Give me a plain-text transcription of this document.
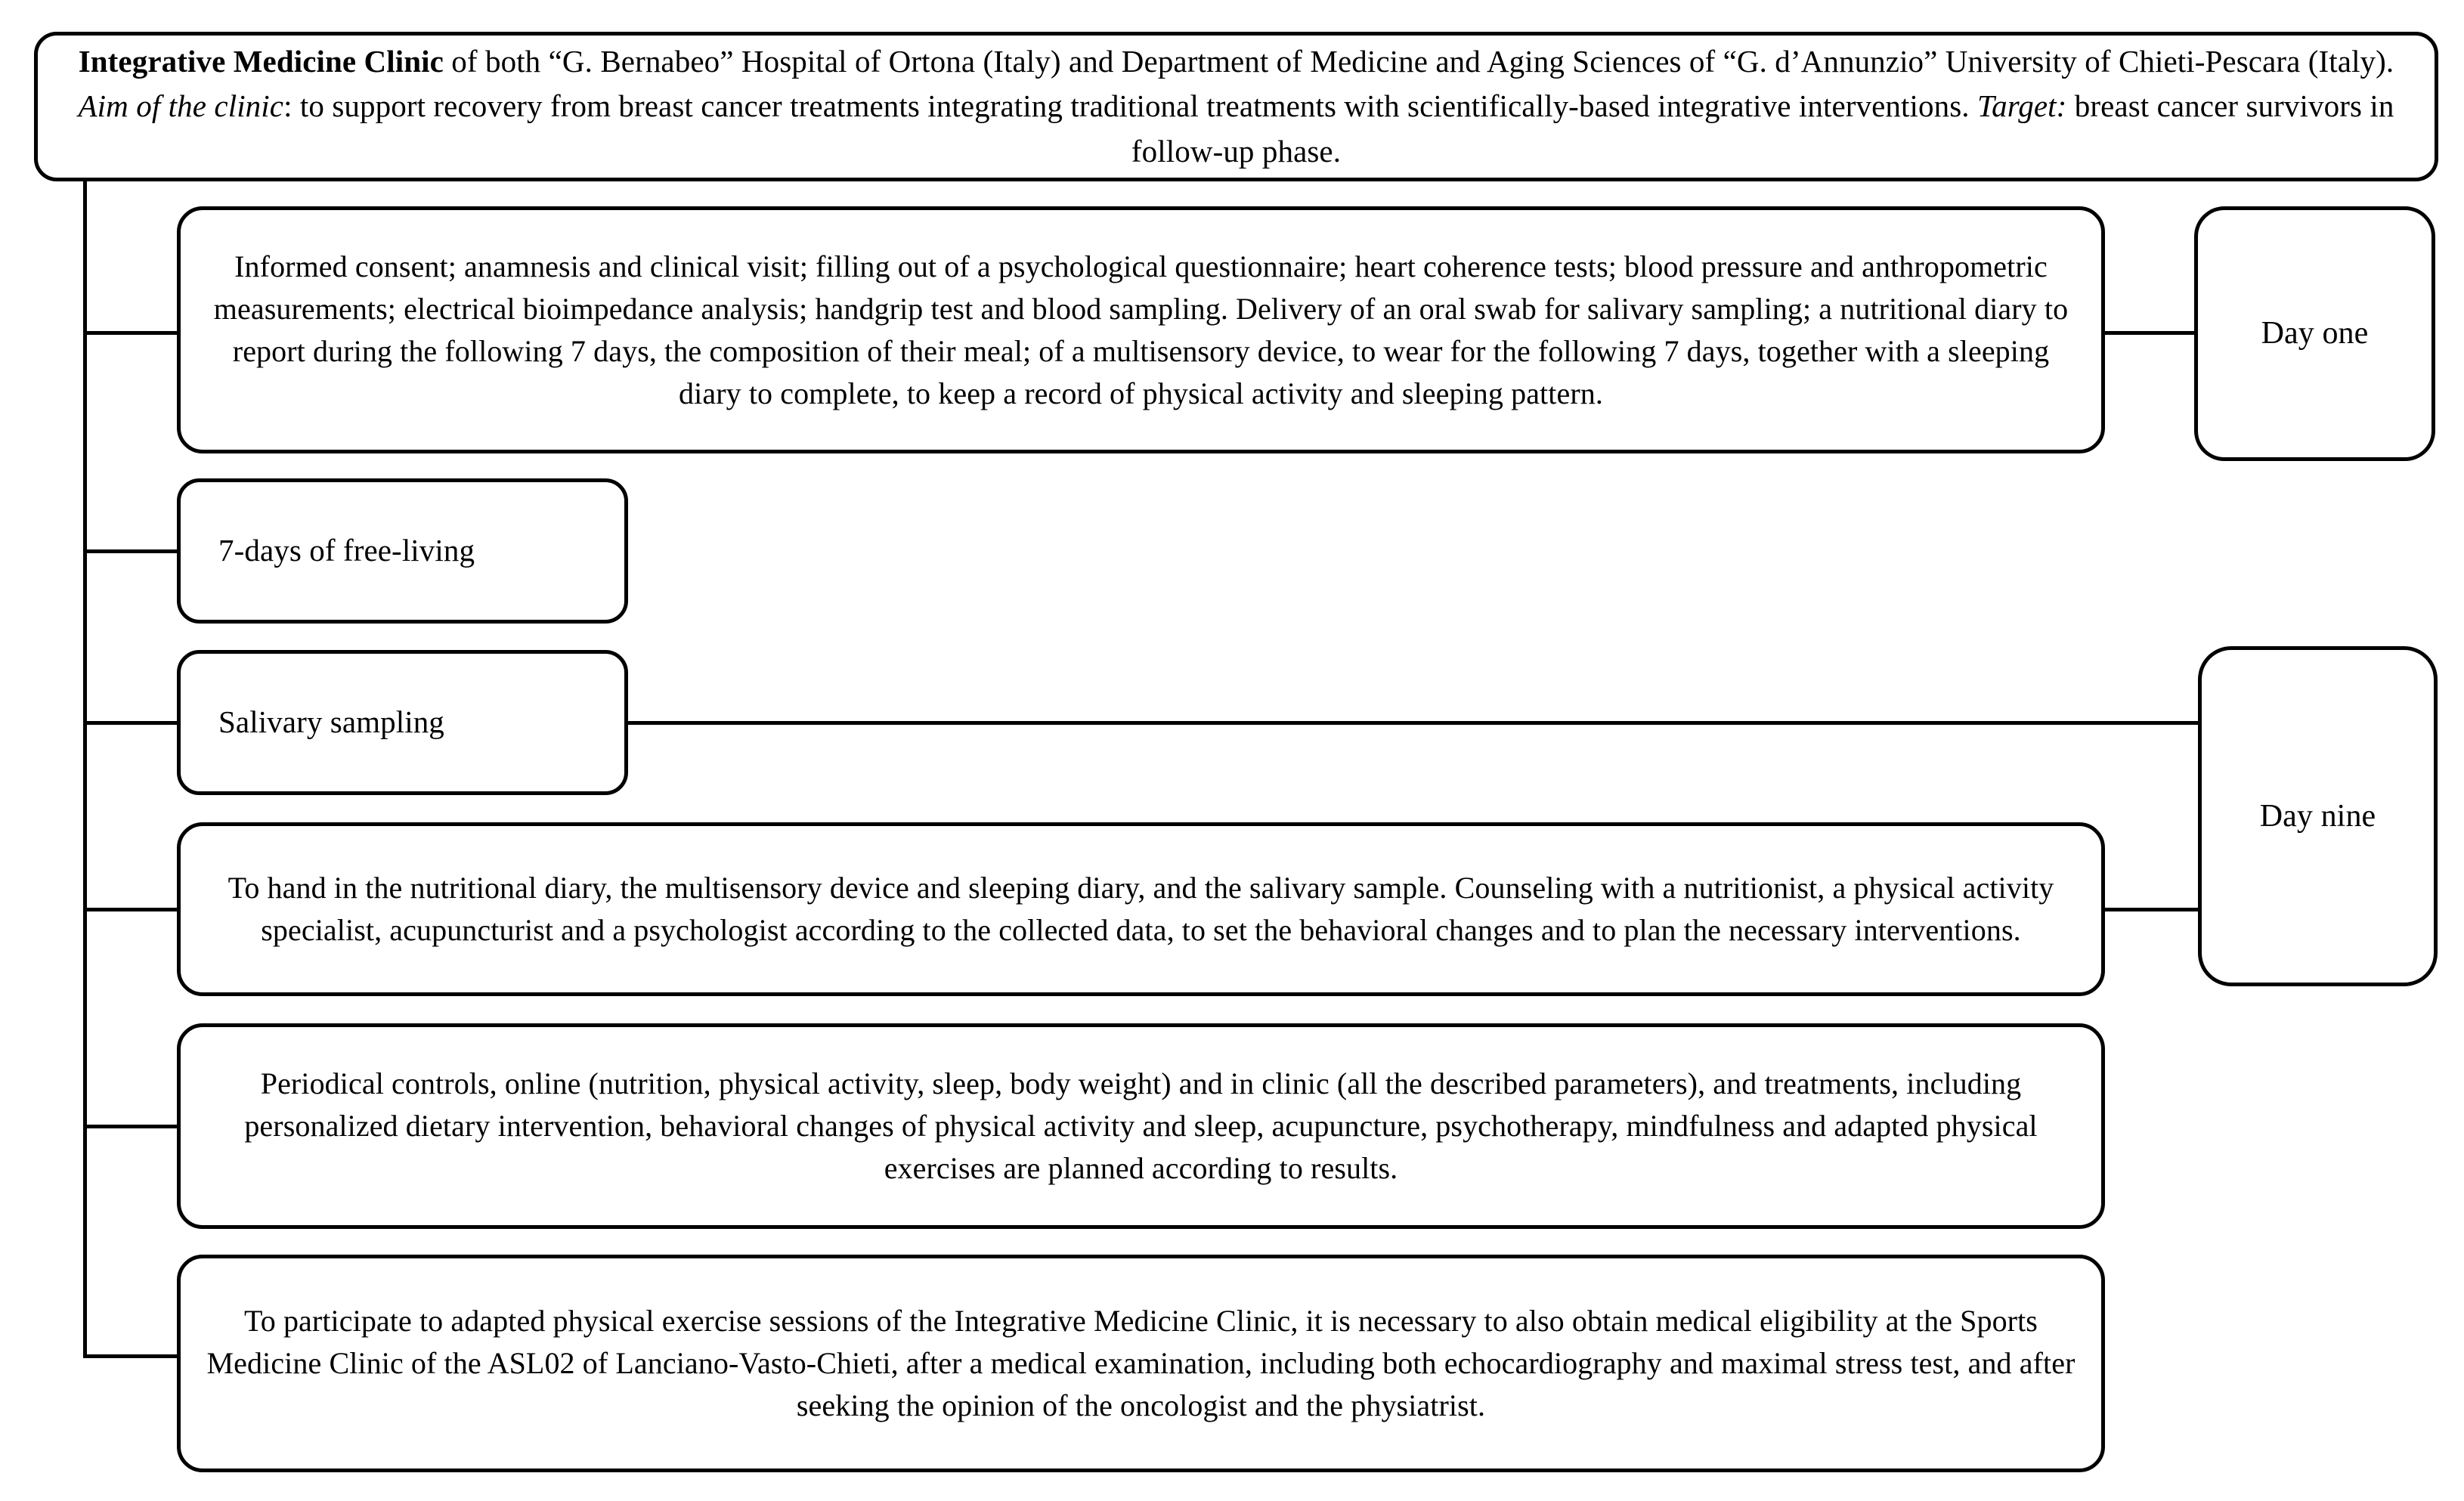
Integrative Medicine Clinic of both “G. Bernabeo” Hospital of Ortona (Italy) and Department of Medicine and Aging Sciences of “G. d’Annunzio” University of Chieti-Pescara (Italy). Aim of the clinic: to support recovery from breast cancer treatments integrating traditional treatments with scientifically-based integrative interventions. Target: breast cancer survivors in follow-up phase.
Informed consent; anamnesis and clinical visit; filling out of a psychological questionnaire; heart coherence tests; blood pressure and anthropometric measurements; electrical bioimpedance analysis; handgrip test and blood sampling. Delivery of an oral swab for salivary sampling; a nutritional diary to report during the following 7 days, the composition of their meal; of a multisensory device, to wear for the following 7 days, together with a sleeping diary to complete, to keep a record of physical activity and sleeping pattern.
7-days of free-living
Salivary sampling
To hand in the nutritional diary, the multisensory device and sleeping diary, and the salivary sample. Counseling with a nutritionist, a physical activity specialist, acupuncturist and a psychologist according to the collected data, to set the behavioral changes and to plan the necessary interventions.
Periodical controls, online (nutrition, physical activity, sleep, body weight) and in clinic (all the described parameters), and treatments, including personalized dietary intervention, behavioral changes of physical activity and sleep, acupuncture, psychotherapy, mindfulness and adapted physical exercises are planned according to results.
To participate to adapted physical exercise sessions of the Integrative Medicine Clinic, it is necessary to also obtain medical eligibility at the Sports Medicine Clinic of the ASL02 of Lanciano-Vasto-Chieti, after a medical examination, including both echocardiography and maximal stress test, and after seeking the opinion of the oncologist and the physiatrist.
Day one
Day nine
